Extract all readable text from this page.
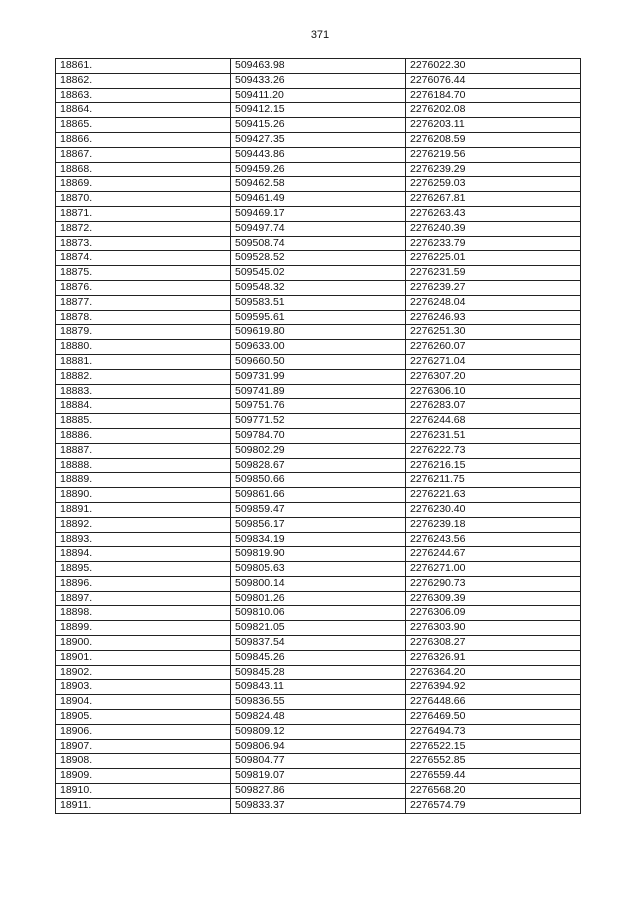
371
18861.	509463.98	2276022.30
18862.	509433.26	2276076.44
18863.	509411.20	2276184.70
18864.	509412.15	2276202.08
18865.	509415.26	2276203.11
18866.	509427.35	2276208.59
18867.	509443.86	2276219.56
18868.	509459.26	2276239.29
18869.	509462.58	2276259.03
18870.	509461.49	2276267.81
18871.	509469.17	2276263.43
18872.	509497.74	2276240.39
18873.	509508.74	2276233.79
18874.	509528.52	2276225.01
18875.	509545.02	2276231.59
18876.	509548.32	2276239.27
18877.	509583.51	2276248.04
18878.	509595.61	2276246.93
18879.	509619.80	2276251.30
18880.	509633.00	2276260.07
18881.	509660.50	2276271.04
18882.	509731.99	2276307.20
18883.	509741.89	2276306.10
18884.	509751.76	2276283.07
18885.	509771.52	2276244.68
18886.	509784.70	2276231.51
18887.	509802.29	2276222.73
18888.	509828.67	2276216.15
18889.	509850.66	2276211.75
18890.	509861.66	2276221.63
18891.	509859.47	2276230.40
18892.	509856.17	2276239.18
18893.	509834.19	2276243.56
18894.	509819.90	2276244.67
18895.	509805.63	2276271.00
18896.	509800.14	2276290.73
18897.	509801.26	2276309.39
18898.	509810.06	2276306.09
18899.	509821.05	2276303.90
18900.	509837.54	2276308.27
18901.	509845.26	2276326.91
18902.	509845.28	2276364.20
18903.	509843.11	2276394.92
18904.	509836.55	2276448.66
18905.	509824.48	2276469.50
18906.	509809.12	2276494.73
18907.	509806.94	2276522.15
18908.	509804.77	2276552.85
18909.	509819.07	2276559.44
18910.	509827.86	2276568.20
18911.	509833.37	2276574.79
